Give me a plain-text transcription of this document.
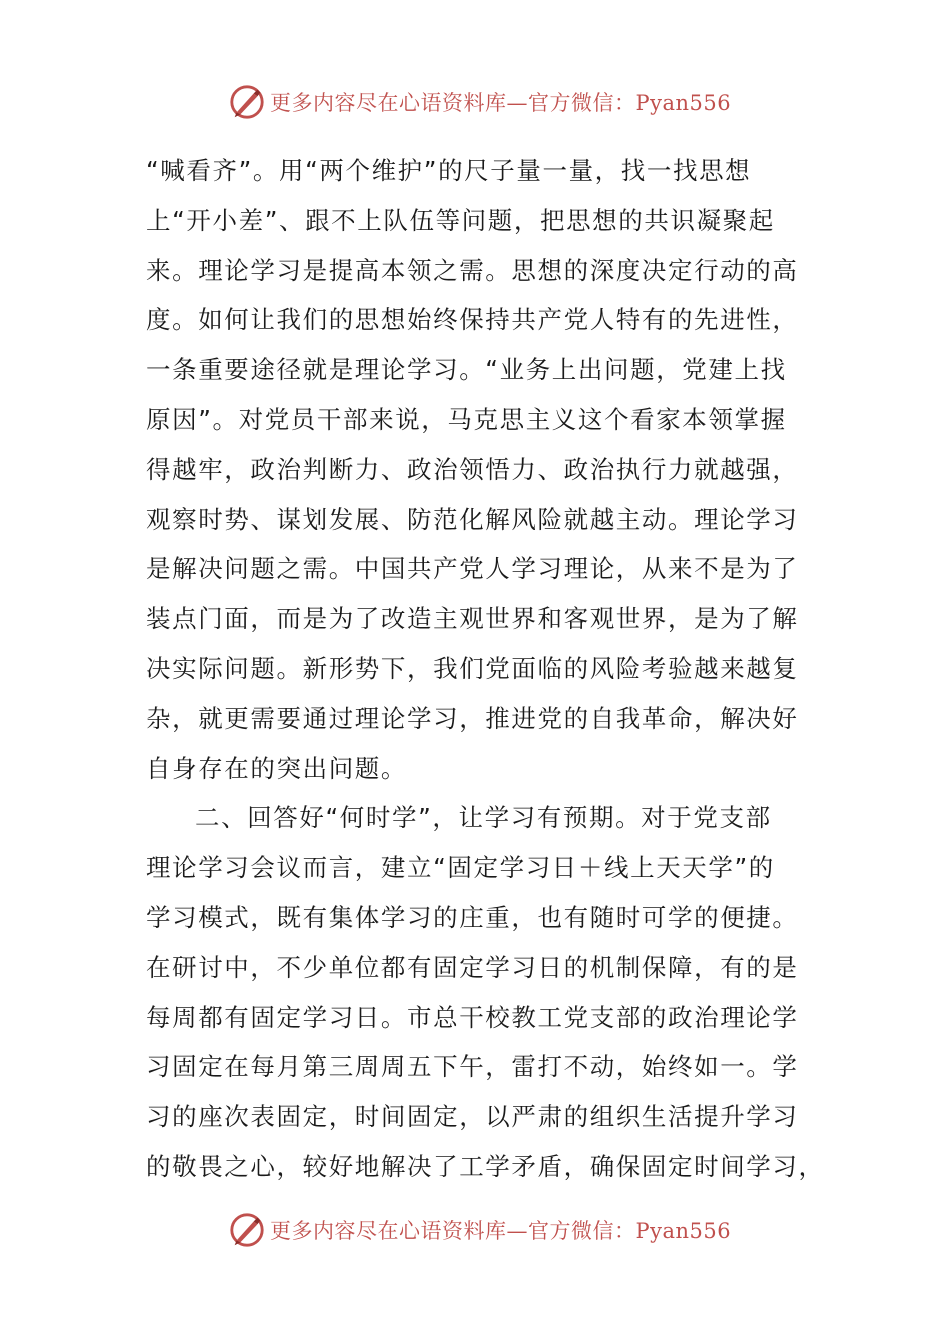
更多内容尽在心语资料库—官方微信：Pyan556
“喊看齐”。用“两个维护”的尺子量一量，找一找思想
上“开小差”、跟不上队伍等问题，把思想的共识凝聚起
来。理论学习是提高本领之需。思想的深度决定行动的高
度。如何让我们的思想始终保持共产党人特有的先进性，
一条重要途径就是理论学习。“业务上出问题，党建上找
原因”。对党员干部来说，马克思主义这个看家本领掌握
得越牢，政治判断力、政治领悟力、政治执行力就越强，
观察时势、谋划发展、防范化解风险就越主动。理论学习
是解决问题之需。中国共产党人学习理论，从来不是为了
装点门面，而是为了改造主观世界和客观世界，是为了解
决实际问题。新形势下，我们党面临的风险考验越来越复
杂，就更需要通过理论学习，推进党的自我革命，解决好
自身存在的突出问题。
二、回答好“何时学”，让学习有预期。对于党支部
理论学习会议而言，建立“固定学习日＋线上天天学”的
学习模式，既有集体学习的庄重，也有随时可学的便捷。
在研讨中，不少单位都有固定学习日的机制保障，有的是
每周都有固定学习日。市总干校教工党支部的政治理论学
习固定在每月第三周周五下午，雷打不动，始终如一。学
习的座次表固定，时间固定，以严肃的组织生活提升学习
的敬畏之心，较好地解决了工学矛盾，确保固定时间学习，
更多内容尽在心语资料库—官方微信：Pyan556
